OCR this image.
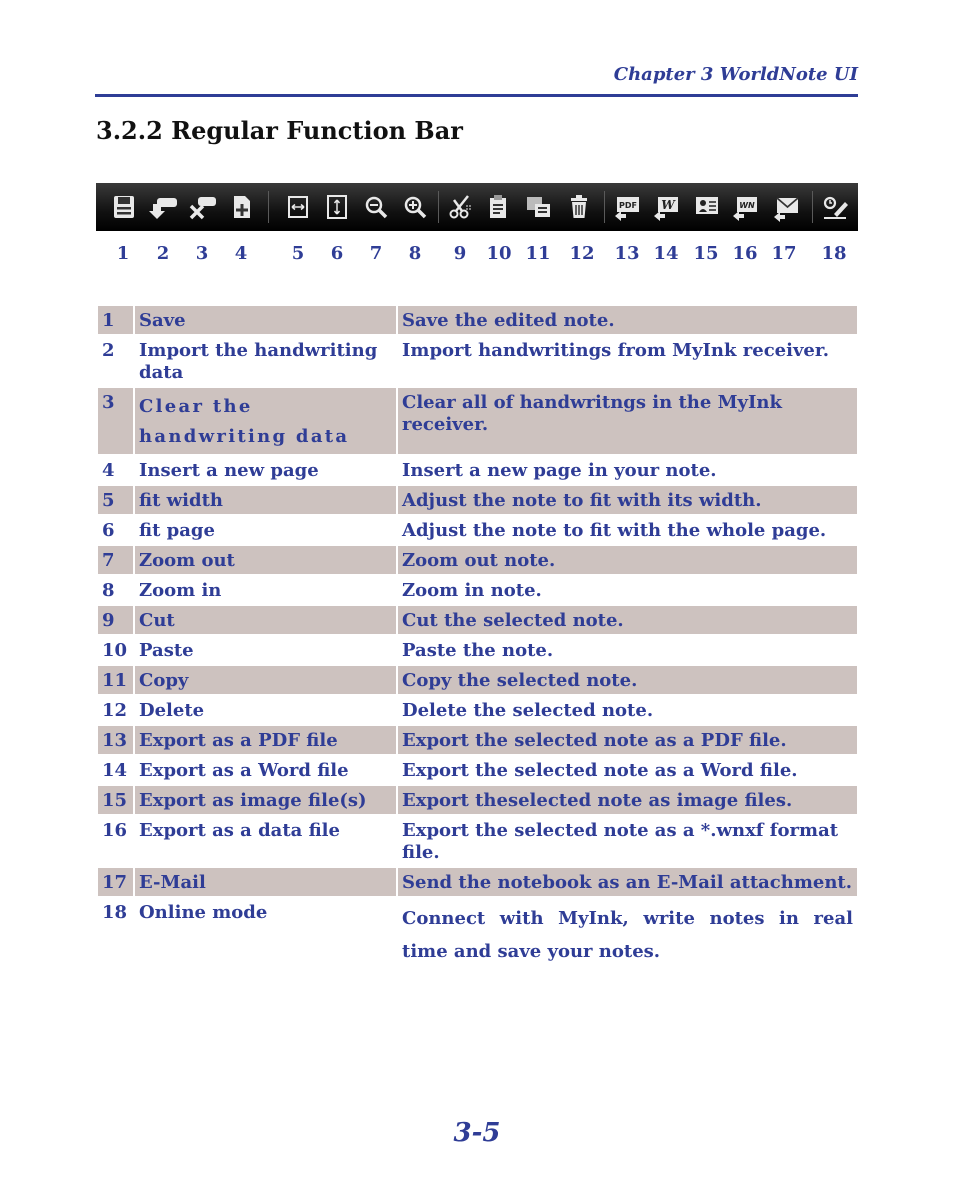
Chapter 3 WorldNote UI
3.2.2 Regular Function Bar
PDF W	WN
1 2 3 4 5 6 7 8 9 10 11 12 13 14 15 16 17 18
1	Save	Save the edited note.
2	Import the handwriting data	Import handwritings from MyInk receiver.
3	Clear the handwriting data	Clear all of handwritngs in the MyInk receiver.
4	Insert a new page	Insert a new page in your note.
5	fit width	Adjust the note to fit with its width.
6	fit page	Adjust the note to fit with the whole page.
7	Zoom out	Zoom out note.
8	Zoom in	Zoom in note.
9	Cut	Cut the selected note.
10	Paste	Paste the note.
11	Copy	Copy the selected note.
12	Delete	Delete the selected note.
13	Export as a PDF file	Export the selected note as a PDF file.
14	Export as a Word file	Export the selected note as a Word file.
15	Export as image file(s)	Export theselected note as image files.
16	Export as a data file	Export the selected note as a *.wnxf format file.
17	E-Mail	Send the notebook as an E-Mail attachment.
18	Online mode	Connect with MyInk, write notes in real time and save your notes.
3-5
